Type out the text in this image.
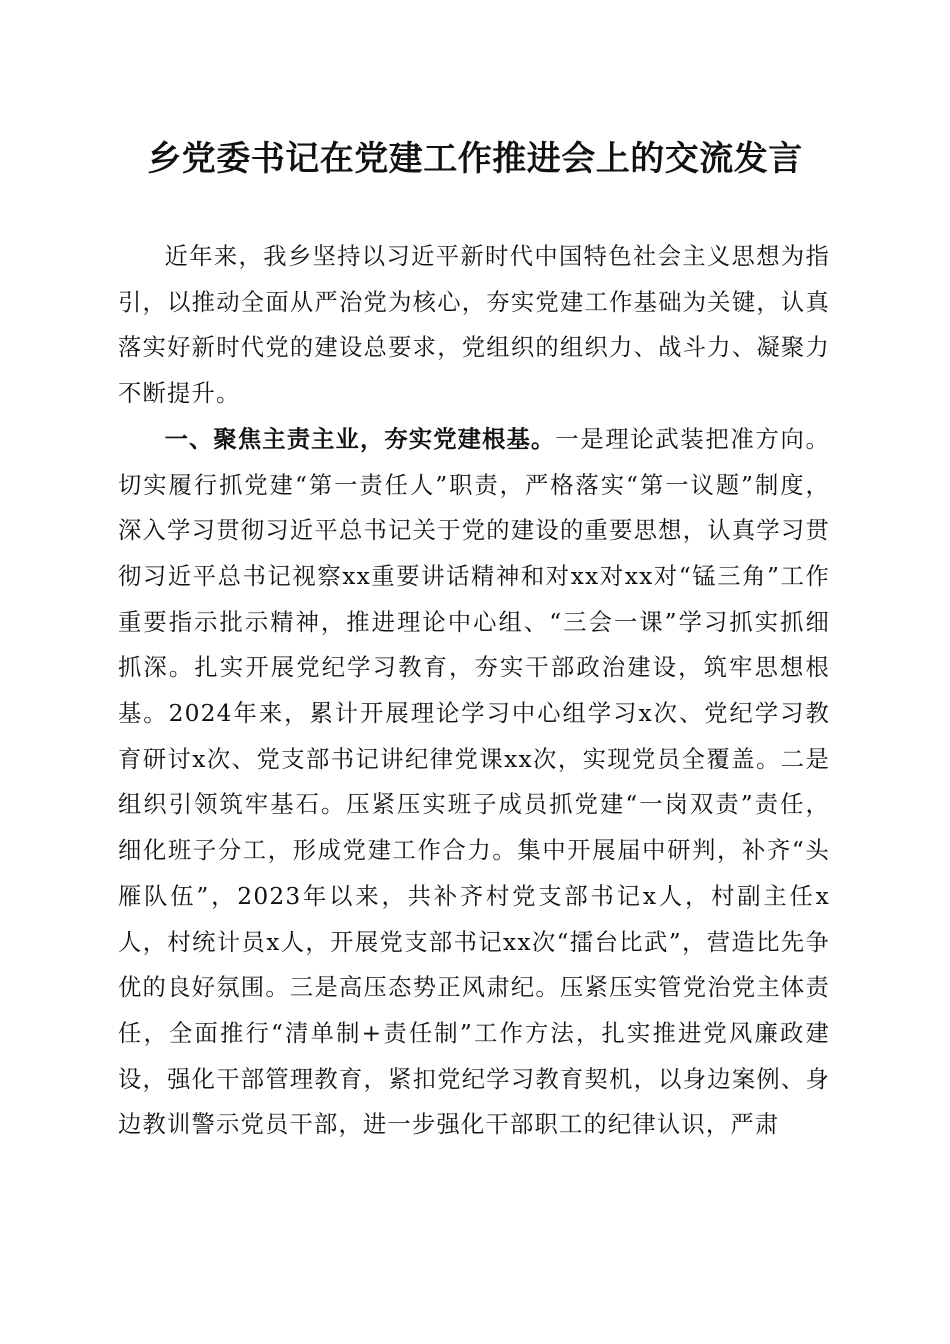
乡党委书记在党建工作推进会上的交流发言

近年来，我乡坚持以习近平新时代中国特色社会主义思想为指引，以推动全面从严治党为核心，夯实党建工作基础为关键，认真落实好新时代党的建设总要求，党组织的组织力、战斗力、凝聚力不断提升。

一、聚焦主责主业，夯实党建根基。一是理论武装把准方向。切实履行抓党建“第一责任人”职责，严格落实“第一议题”制度，深入学习贯彻习近平总书记关于党的建设的重要思想，认真学习贯彻习近平总书记视察xx重要讲话精神和对xx对xx对“锰三角”工作重要指示批示精神，推进理论中心组、“三会一课”学习抓实抓细抓深。扎实开展党纪学习教育，夯实干部政治建设，筑牢思想根基。2024年来，累计开展理论学习中心组学习x次、党纪学习教育研讨x次、党支部书记讲纪律党课xx次，实现党员全覆盖。二是组织引领筑牢基石。压紧压实班子成员抓党建“一岗双责”责任，细化班子分工，形成党建工作合力。集中开展届中研判，补齐“头雁队伍”，2023年以来，共补齐村党支部书记x人，村副主任x人，村统计员x人，开展党支部书记xx次“擂台比武”，营造比先争优的良好氛围。三是高压态势正风肃纪。压紧压实管党治党主体责任，全面推行“清单制+责任制”工作方法，扎实推进党风廉政建设，强化干部管理教育，紧扣党纪学习教育契机，以身边案例、身边教训警示党员干部，进一步强化干部职工的纪律认识，严肃
